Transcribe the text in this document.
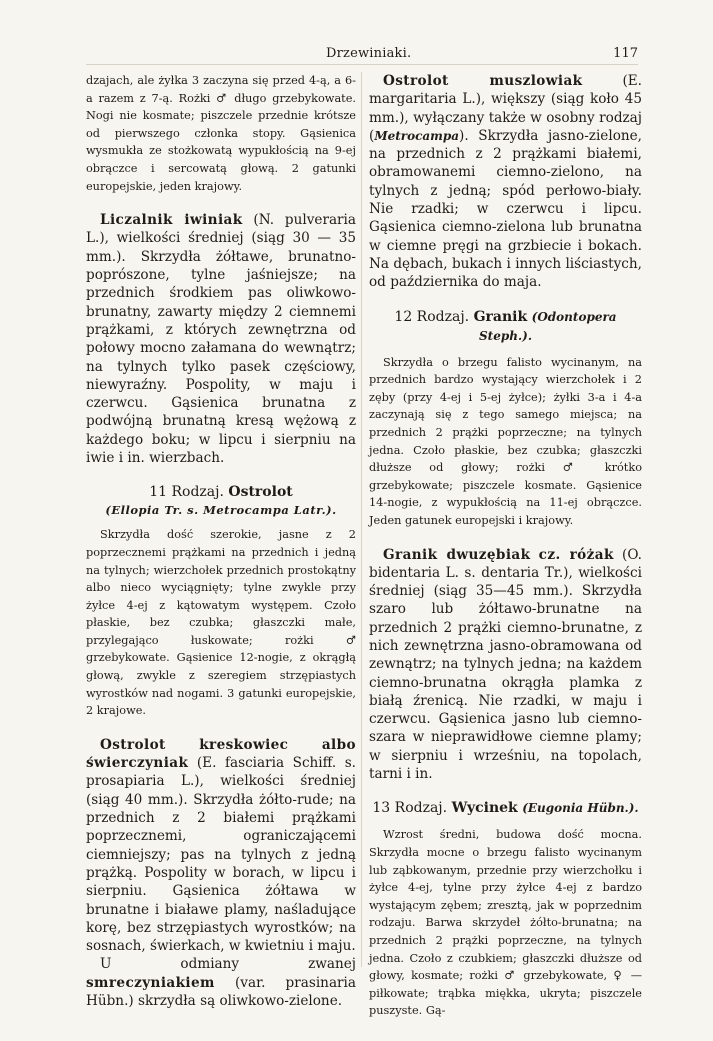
Drzewiniaki.	117

dzajach, ale żyłka 3 zaczyna się przed 4-ą, a 6-a razem z 7-ą. Rożki ♂ długo grzebykowate. Nogi nie kosmate; piszczele przednie krótsze od pierwszego członka stopy. Gąsienica wysmukła ze stożkowatą wypukłością na 9-ej obrączce i sercowatą głową. 2 gatunki europejskie, jeden krajowy.

Liczalnik iwiniak (N. pulveraria L.), wielkości średniej (siąg 30 — 35 mm.). Skrzydła żółtawe, brunatno-poprószone, tylne jaśniejsze; na przednich środkiem pas oliwkowo-brunatny, zawarty między 2 ciemnemi prążkami, z których zewnętrzna od połowy mocno załamana do wewnątrz; na tylnych tylko pasek częściowy, niewyraźny. Pospolity, w maju i czerwcu. Gąsienica brunatna z podwójną brunatną kresą wężową z każdego boku; w lipcu i sierpniu na iwie i in. wierzbach.

11 Rodzaj. Ostrolot
(Ellopia Tr. s. Metrocampa Latr.).

Skrzydła dość szerokie, jasne z 2 poprzecznemi prążkami na przednich i jedną na tylnych; wierzchołek przednich prostokątny albo nieco wyciągnięty; tylne zwykle przy żyłce 4-ej z kątowatym występem. Czoło płaskie, bez czubka; głaszczki małe, przylegająco łuskowate; rożki ♂ grzebykowate. Gąsienice 12-nogie, z okrągłą głową, zwykle z szeregiem strzępiastych wyrostków nad nogami. 3 gatunki europejskie, 2 krajowe.

Ostrolot kreskowiec albo świerczyniak (E. fasciaria Schiff. s. prosapiaria L.), wielkości średniej (siąg 40 mm.). Skrzydła żółto-rude; na przednich z 2 białemi prążkami poprzecznemi, ograniczającemi ciemniejszy; pas na tylnych z jedną prążką. Pospolity w borach, w lipcu i sierpniu. Gąsienica żółtawa w brunatne i białawe plamy, naśladujące korę, bez strzępiastych wyrostków; na sosnach, świerkach, w kwietniu i maju.

U odmiany zwanej smreczyniakiem (var. prasinaria Hübn.) skrzydła są oliwkowo-zielone.

Ostrolot muszlowiak (E. margaritaria L.), większy (siąg koło 45 mm.), wyłączany także w osobny rodzaj (Metrocampa). Skrzydła jasno-zielone, na przednich z 2 prążkami białemi, obramowanemi ciemno-zielono, na tylnych z jedną; spód perłowo-biały. Nie rzadki; w czerwcu i lipcu. Gąsienica ciemno-zielona lub brunatna w ciemne pręgi na grzbiecie i bokach. Na dębach, bukach i innych liściastych, od października do maja.

12 Rodzaj. Granik (Odontopera Steph.).

Skrzydła o brzegu falisto wycinanym, na przednich bardzo wystający wierzchołek i 2 zęby (przy 4-ej i 5-ej żyłce); żyłki 3-a i 4-a zaczynają się z tego samego miejsca; na przednich 2 prążki poprzeczne; na tylnych jedna. Czoło płaskie, bez czubka; głaszczki dłuższe od głowy; rożki ♂ krótko grzebykowate; piszczele kosmate. Gąsienice 14-nogie, z wypukłością na 11-ej obrączce. Jeden gatunek europejski i krajowy.

Granik dwuzębiak cz. różak (O. bidentaria L. s. dentaria Tr.), wielkości średniej (siąg 35—45 mm.). Skrzydła szaro lub żółtawo-brunatne na przednich 2 prążki ciemno-brunatne, z nich zewnętrzna jasno-obramowana od zewnątrz; na tylnych jedna; na każdem ciemno-brunatna okrągła plamka z białą źrenicą. Nie rzadki, w maju i czerwcu. Gąsienica jasno lub ciemno-szara w nieprawidłowe ciemne plamy; w sierpniu i wrześniu, na topolach, tarni i in.

13 Rodzaj. Wycinek (Eugonia Hübn.).

Wzrost średni, budowa dość mocna. Skrzydła mocne o brzegu falisto wycinanym lub ząbkowanym, przednie przy wierzchołku i żyłce 4-ej, tylne przy żyłce 4-ej z bardzo wystającym zębem; zresztą, jak w poprzednim rodzaju. Barwa skrzydeł żółto-brunatna; na przednich 2 prążki poprzeczne, na tylnych jedna. Czoło z czubkiem; głaszczki dłuższe od głowy, kosmate; rożki ♂ grzebykowate, ♀ — piłkowate; trąbka miękka, ukryta; piszczele puszyste. Gą-
